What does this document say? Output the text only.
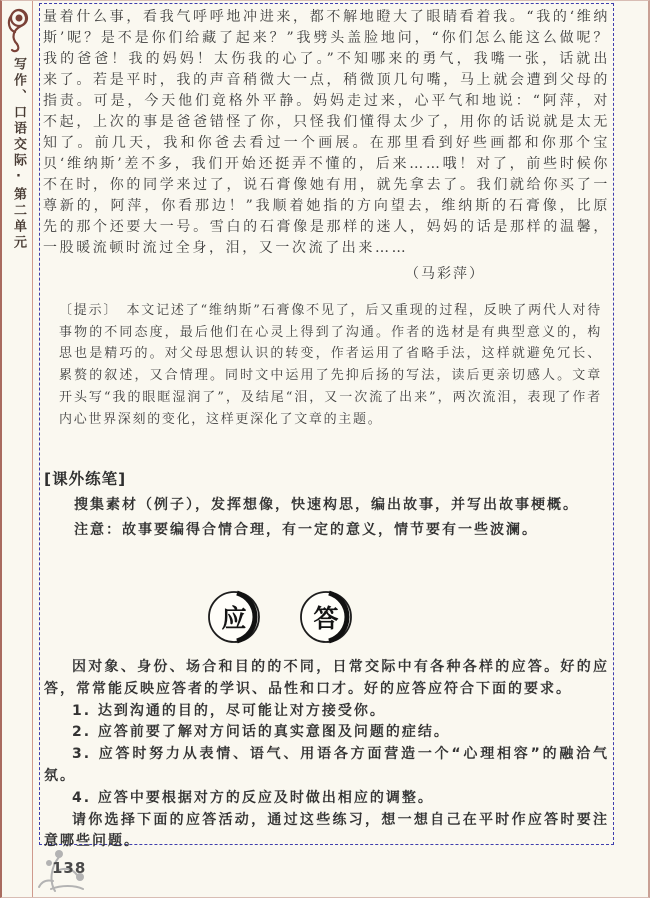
写作、口语交际·第二单元

量着什么事，看我气呼呼地冲进来，都不解地瞪大了眼睛看着我。“我的‘维纳斯’呢？是不是你们给藏了起来？”我劈头盖脸地问，“你们怎么能这么做呢？我的爸爸！我的妈妈！太伤我的心了。”不知哪来的勇气，我嘴一张，话就出来了。若是平时，我的声音稍微大一点，稍微顶几句嘴，马上就会遭到父母的指责。可是，今天他们竟格外平静。妈妈走过来，心平气和地说：“阿萍，对不起，上次的事是爸爸错怪了你，只怪我们懂得太少了，用你的话说就是太无知了。前几天，我和你爸去看过一个画展。在那里看到好些画都和你那个宝贝‘维纳斯’差不多，我们开始还挺弄不懂的，后来……哦！对了，前些时候你不在时，你的同学来过了，说石膏像她有用，就先拿去了。我们就给你买了一尊新的，阿萍，你看那边！”我顺着她指的方向望去，维纳斯的石膏像，比原先的那个还要大一号。雪白的石膏像是那样的迷人，妈妈的话是那样的温馨，一股暖流顿时流过全身，泪，又一次流了出来……

（马彩萍）

〔提示〕　本文记述了“维纳斯”石膏像不见了，后又重现的过程，反映了两代人对待事物的不同态度，最后他们在心灵上得到了沟通。作者的选材是有典型意义的，构思也是精巧的。对父母思想认识的转变，作者运用了省略手法，这样就避免冗长、累赘的叙述，又合情理。同时文中运用了先抑后扬的写法，读后更亲切感人。文章开头写“我的眼眶湿润了”，及结尾“泪，又一次流了出来”，两次流泪，表现了作者内心世界深刻的变化，这样更深化了文章的主题。

[课外练笔]

搜集素材（例子），发挥想像，快速构思，编出故事，并写出故事梗概。

注意：故事要编得合情合理，有一定的意义，情节要有一些波澜。

应	答

因对象、身份、场合和目的的不同，日常交际中有各种各样的应答。好的应答，常常能反映应答者的学识、品性和口才。好的应答应符合下面的要求。

1. 达到沟通的目的，尽可能让对方接受你。

2. 应答前要了解对方问话的真实意图及问题的症结。

3. 应答时努力从表情、语气、用语各方面营造一个“心理相容”的融洽气氛。

4. 应答中要根据对方的反应及时做出相应的调整。

请你选择下面的应答活动，通过这些练习，想一想自己在平时作应答时要注意哪些问题。

138
